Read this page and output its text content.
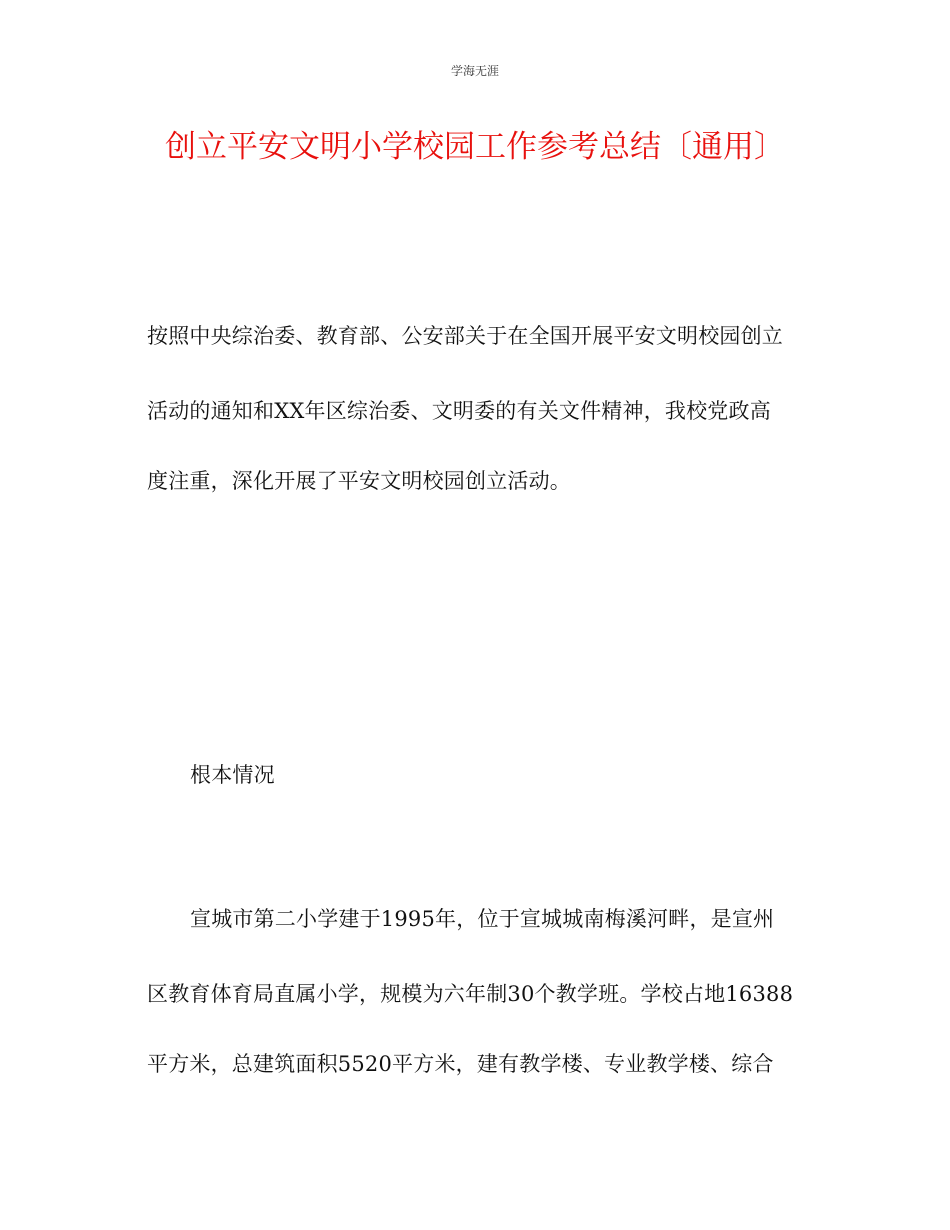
学海无涯
创立平安文明小学校园工作参考总结〔通用〕
按照中央综治委、教育部、公安部关于在全国开展平安文明校园创立
活动的通知和XX年区综治委、文明委的有关文件精神，我校党政高
度注重，深化开展了平安文明校园创立活动。
根本情况
宣城市第二小学建于1995年，位于宣城城南梅溪河畔，是宣州
区教育体育局直属小学，规模为六年制30个教学班。学校占地16388
平方米，总建筑面积5520平方米，建有教学楼、专业教学楼、综合
